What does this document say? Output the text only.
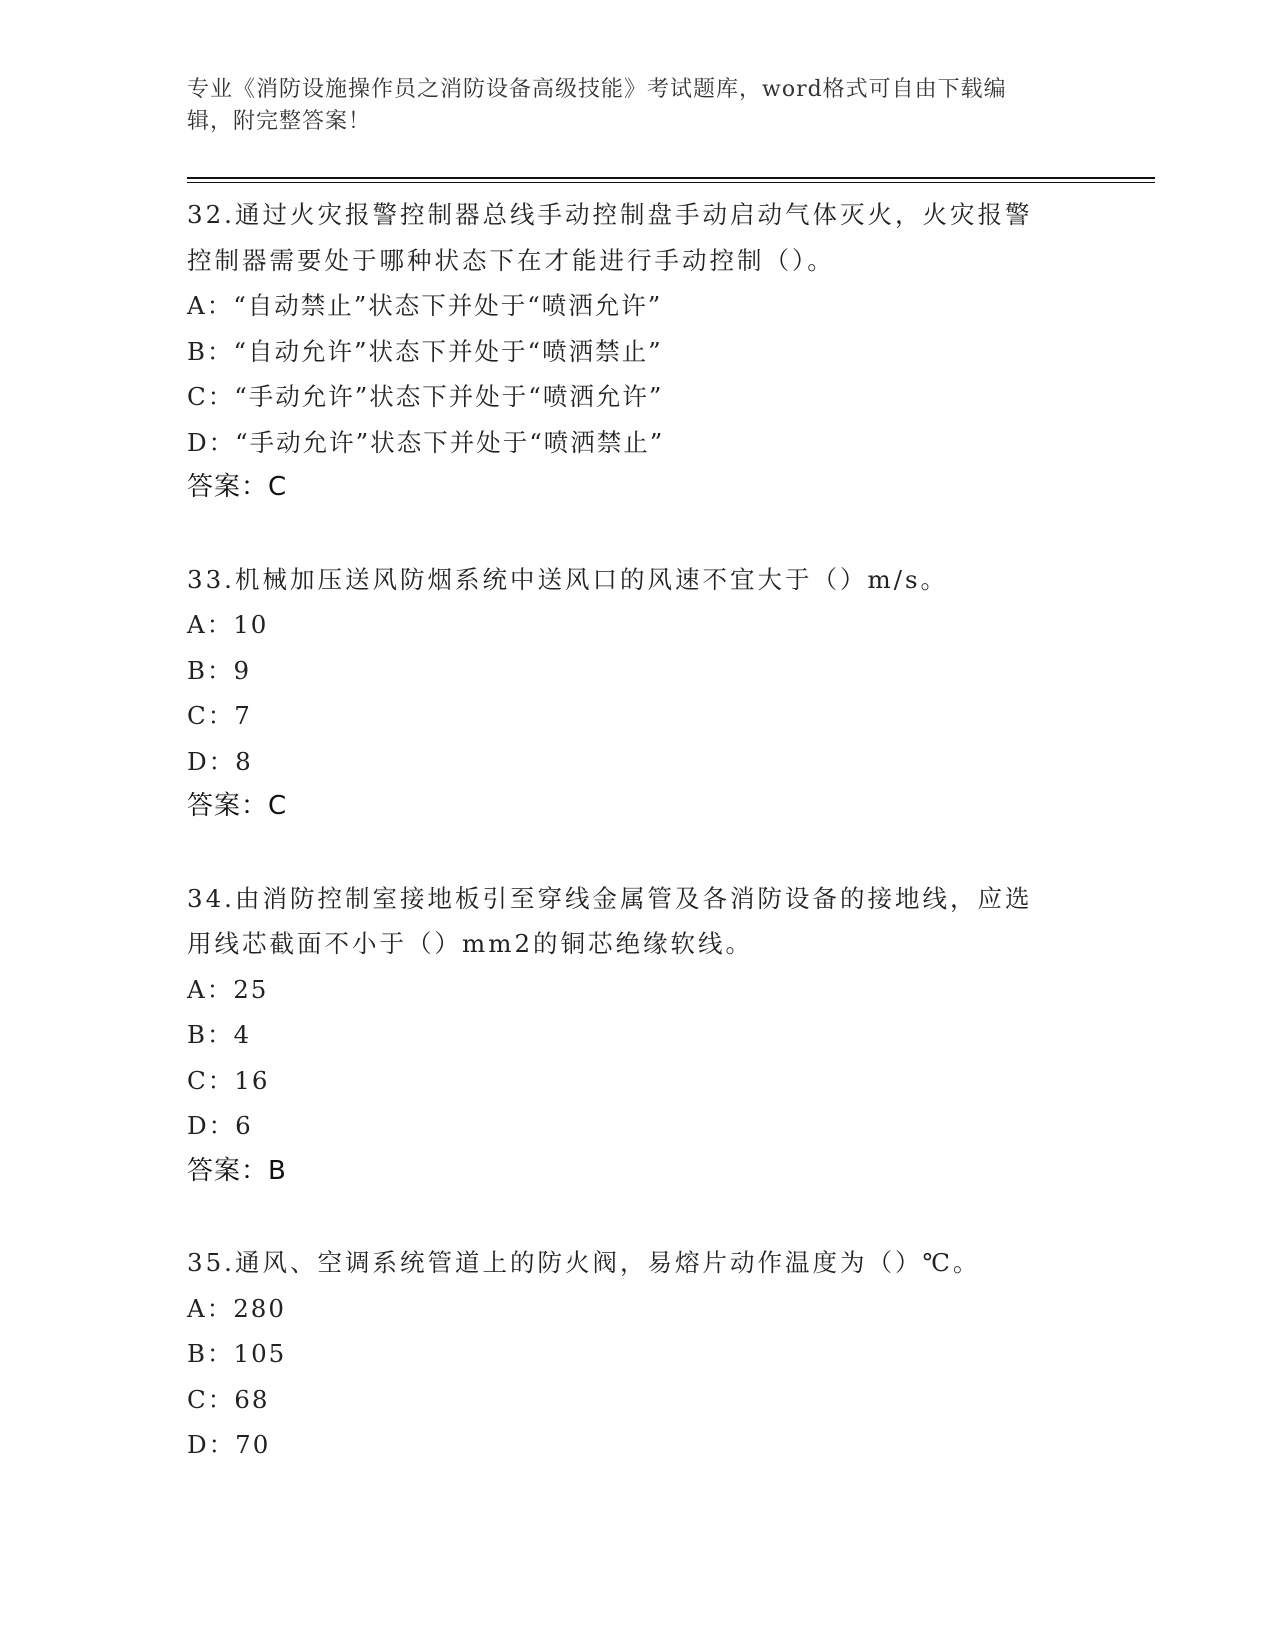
专业《消防设施操作员之消防设备高级技能》考试题库，word格式可自由下载编
辑，附完整答案！
32.通过火灾报警控制器总线手动控制盘手动启动气体灭火，火灾报警
控制器需要处于哪种状态下在才能进行手动控制（）。
A：“自动禁止”状态下并处于“喷洒允许”
B：“自动允许”状态下并处于“喷洒禁止”
C：“手动允许”状态下并处于“喷洒允许”
D：“手动允许”状态下并处于“喷洒禁止”
答案：C
33.机械加压送风防烟系统中送风口的风速不宜大于（）m/s。
A：10
B：9
C：7
D：8
答案：C
34.由消防控制室接地板引至穿线金属管及各消防设备的接地线，应选
用线芯截面不小于（）mm2的铜芯绝缘软线。
A：25
B：4
C：16
D：6
答案：B
35.通风、空调系统管道上的防火阀，易熔片动作温度为（）℃。
A：280
B：105
C：68
D：70
